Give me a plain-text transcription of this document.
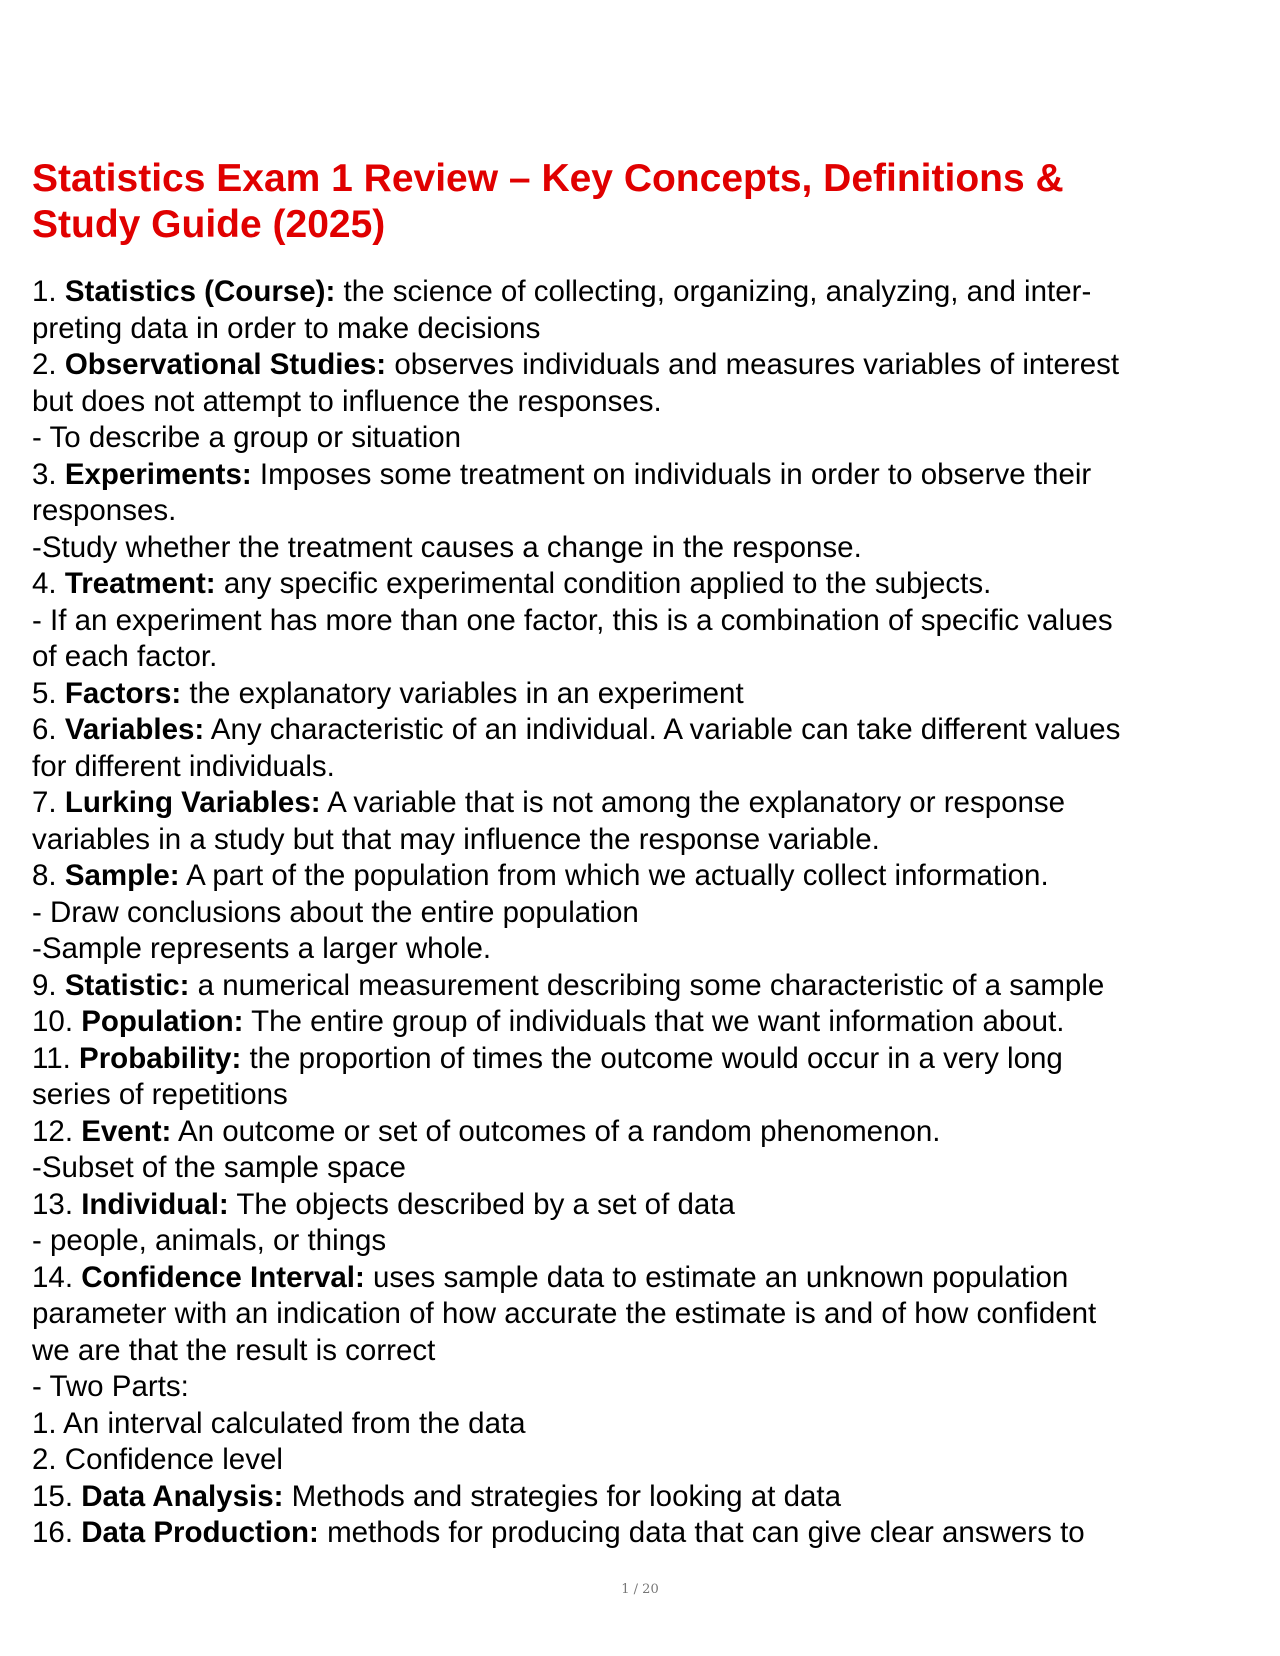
Statistics Exam 1 Review – Key Concepts, Definitions &
Study Guide (2025)
1. Statistics (Course): the science of collecting, organizing, analyzing, and inter-
preting data in order to make decisions
2. Observational Studies: observes individuals and measures variables of interest
but does not attempt to influence the responses.
- To describe a group or situation
3. Experiments: Imposes some treatment on individuals in order to observe their
responses.
-Study whether the treatment causes a change in the response.
4. Treatment: any specific experimental condition applied to the subjects.
- If an experiment has more than one factor, this is a combination of specific values
of each factor.
5. Factors: the explanatory variables in an experiment
6. Variables: Any characteristic of an individual. A variable can take different values
for different individuals.
7. Lurking Variables: A variable that is not among the explanatory or response
variables in a study but that may influence the response variable.
8. Sample: A part of the population from which we actually collect information.
- Draw conclusions about the entire population
-Sample represents a larger whole.
9. Statistic: a numerical measurement describing some characteristic of a sample
10. Population: The entire group of individuals that we want information about.
11. Probability: the proportion of times the outcome would occur in a very long
series of repetitions
12. Event: An outcome or set of outcomes of a random phenomenon.
-Subset of the sample space
13. Individual: The objects described by a set of data
- people, animals, or things
14. Confidence Interval: uses sample data to estimate an unknown population
parameter with an indication of how accurate the estimate is and of how confident
we are that the result is correct
- Two Parts:
1. An interval calculated from the data
2. Confidence level
15. Data Analysis: Methods and strategies for looking at data
16. Data Production: methods for producing data that can give clear answers to
1 / 20
